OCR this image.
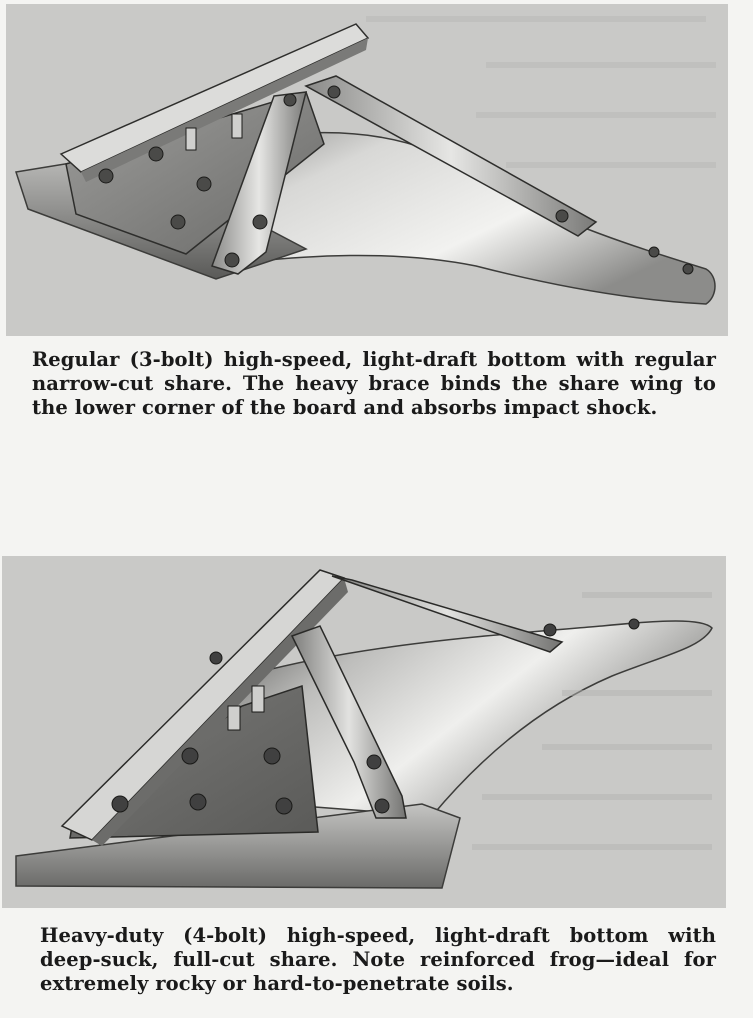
Regular (3-bolt) high-speed, light-draft bottom with regular narrow-cut share. The heavy brace binds the share wing to the lower corner of the board and absorbs impact shock.
Heavy-duty (4-bolt) high-speed, light-draft bottom with deep-suck, full-cut share. Note reinforced frog—ideal for extremely rocky or hard-to-penetrate soils.
